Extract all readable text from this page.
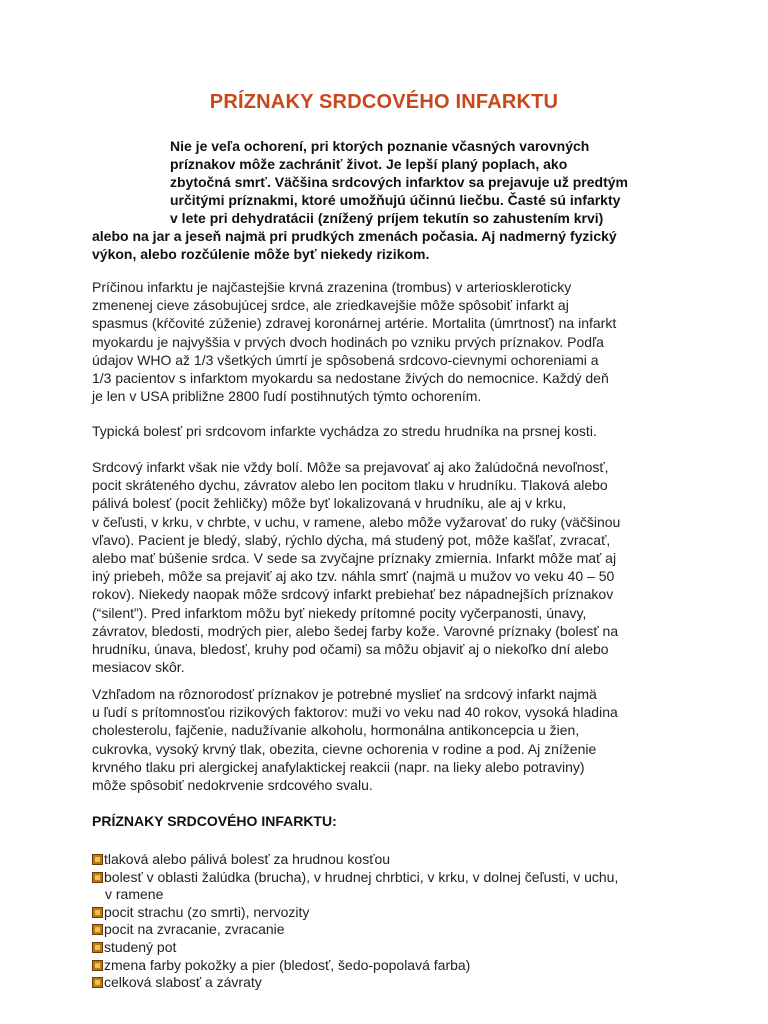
PRÍZNAKY SRDCOVÉHO INFARKTU
Nie je veľa ochorení, pri ktorých poznanie včasných varovných
príznakov môže zachrániť život. Je lepší planý poplach, ako
zbytočná smrť. Väčšina srdcových infarktov sa prejavuje už predtým
určitými príznakmi, ktoré umožňujú účinnú liečbu. Časté sú infarkty
v lete pri dehydratácii (znížený príjem tekutín so zahustením krvi)
alebo na jar a jeseň najmä pri prudkých zmenách počasia. Aj nadmerný fyzický
výkon, alebo rozčúlenie môže byť niekedy rizikom.
Príčinou infarktu je najčastejšie krvná zrazenina (trombus) v arterioskleroticky
zmenenej cieve zásobujúcej srdce, ale zriedkavejšie môže spôsobiť infarkt aj
spasmus (kŕčovité zúženie) zdravej koronárnej artérie. Mortalita (úmrtnosť) na infarkt
myokardu je najvyššia v prvých dvoch hodinách po vzniku prvých príznakov. Podľa
údajov WHO až 1/3 všetkých úmrtí je spôsobená srdcovo-cievnymi ochoreniami a
1/3 pacientov s infarktom myokardu sa nedostane živých do nemocnice. Každý deň
je len v USA približne 2800 ľudí postihnutých týmto ochorením.
Typická bolesť pri srdcovom infarkte vychádza zo stredu hrudníka na prsnej kosti.
Srdcový infarkt však nie vždy bolí. Môže sa prejavovať aj ako žalúdočná nevoľnosť,
pocit skráteného dychu, závratov alebo len pocitom tlaku v hrudníku. Tlaková alebo
pálivá bolesť (pocit žehličky) môže byť lokalizovaná v hrudníku, ale aj v krku,
v čeľusti, v krku, v chrbte, v uchu, v ramene, alebo môže vyžarovať do ruky (väčšinou
vľavo). Pacient je bledý, slabý, rýchlo dýcha, má studený pot, môže kašľať, zvracať,
alebo mať búšenie srdca. V sede sa zvyčajne príznaky zmiernia. Infarkt môže mať aj
iný priebeh, môže sa prejaviť aj ako tzv. náhla smrť (najmä u mužov vo veku 40 – 50
rokov). Niekedy naopak môže srdcový infarkt prebiehať bez nápadnejších príznakov
(“silent”). Pred infarktom môžu byť niekedy prítomné pocity vyčerpanosti, únavy,
závratov, bledosti, modrých pier, alebo šedej farby kože. Varovné príznaky (bolesť na
hrudníku, únava, bledosť, kruhy pod očami) sa môžu objaviť aj o niekoľko dní alebo
mesiacov skôr.
Vzhľadom na rôznorodosť príznakov je potrebné myslieť na srdcový infarkt najmä
u ľudí s prítomnosťou rizikových faktorov: muži vo veku nad 40 rokov, vysoká hladina
cholesterolu, fajčenie, nadužívanie alkoholu, hormonálna antikoncepcia u žien,
cukrovka, vysoký krvný tlak, obezita, cievne ochorenia v rodine a pod. Aj zníženie
krvného tlaku pri alergickej anafylaktickej reakcii (napr. na lieky alebo potraviny)
môže spôsobiť nedokrvenie srdcového svalu.
PRÍZNAKY SRDCOVÉHO INFARKTU:
tlaková alebo pálivá bolesť za hrudnou kosťou
bolesť v oblasti žalúdka (brucha), v hrudnej chrbtici, v krku, v dolnej čeľusti, v uchu,
v ramene
pocit strachu (zo smrti), nervozity
pocit na zvracanie, zvracanie
studený pot
zmena farby pokožky a pier (bledosť, šedo-popolavá farba)
celková slabosť a závraty
